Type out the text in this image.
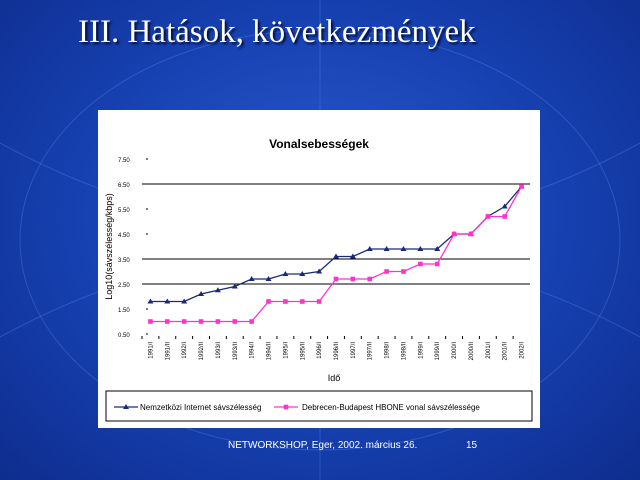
III. Hatások, következmények
Vonalsebességek
7.50
6.50
5.50
4.50
3.50
2.50
1.50
0.50
1991/I 1991/II 1992/I 1992/II 1993/I 1993/II 1994/I 1994/II 1995/I 1995/II 1996/I 1996/II 1997/I 1997/II 1998/I 1998/II 1999/I 1999/II 2000/I 2000/II 2001/I 2001/II 2002/I
Log10(sávszélesség/kbps)
Idő
Nemzetközi Internet sávszélesség	Debrecen-Budapest HBONE vonal sávszélessége
NETWORKSHOP, Eger, 2002. március 26.	15
